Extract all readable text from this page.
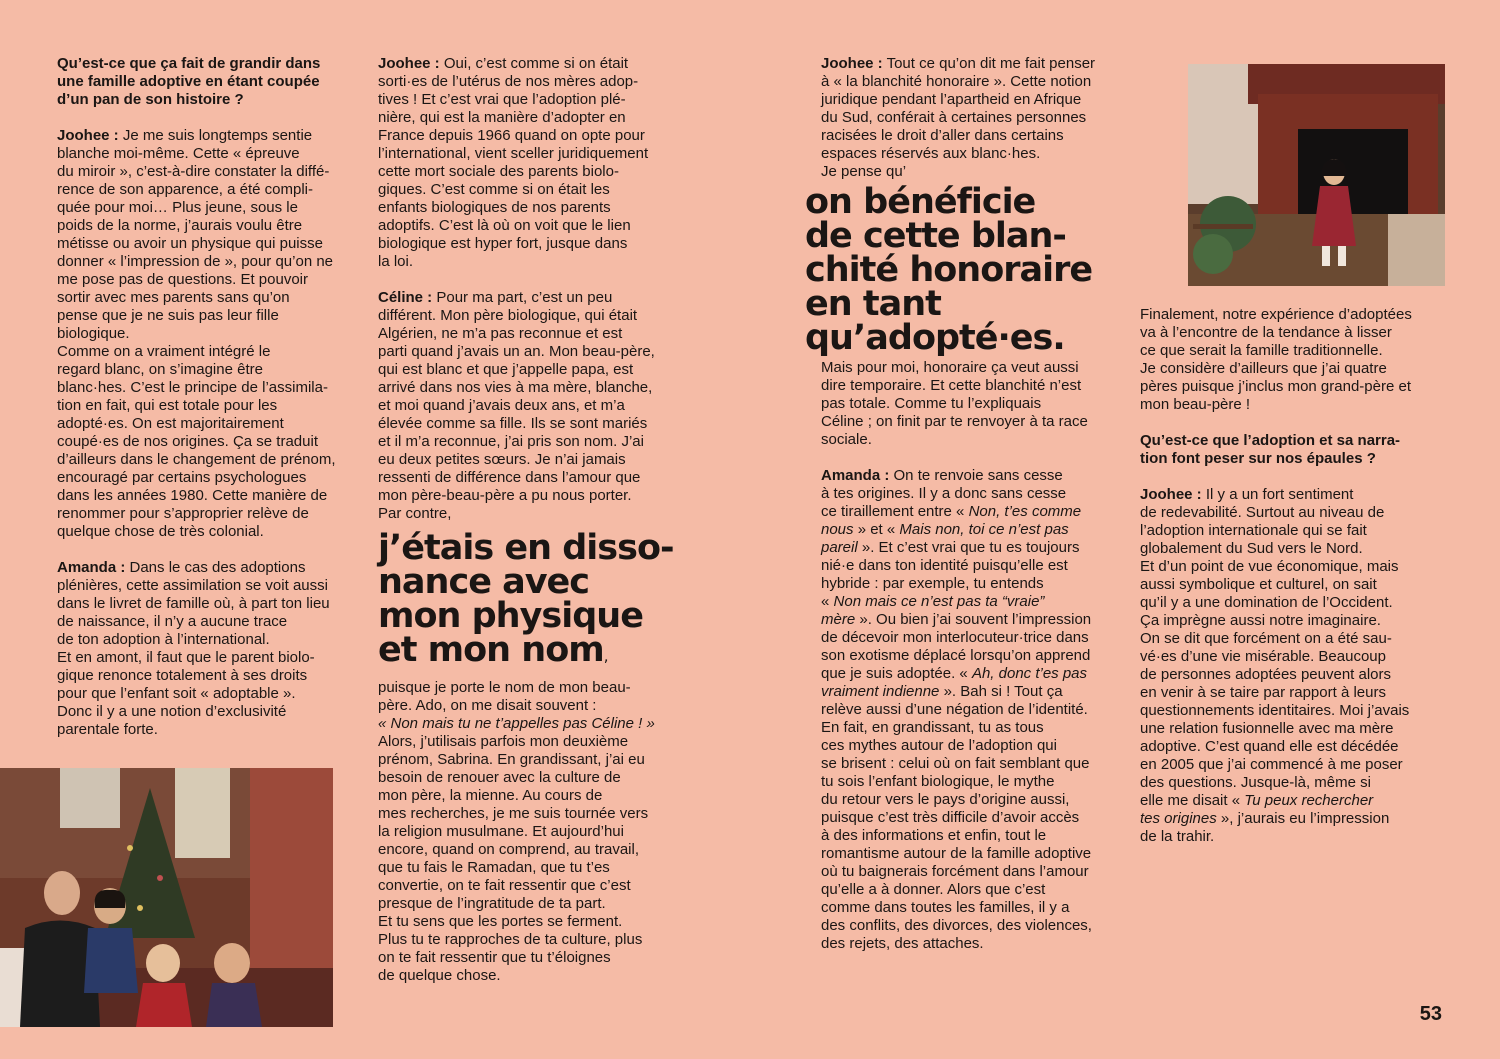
Qu’est-ce que ça fait de grandir dans
une famille adoptive en étant coupée
d’un pan de son histoire ?

Joohee : Je me suis longtemps sentie
blanche moi-même. Cette « épreuve
du miroir », c’est-à-dire constater la diffé-
rence de son apparence, a été compli-
quée pour moi… Plus jeune, sous le
poids de la norme, j’aurais voulu être
métisse ou avoir un physique qui puisse
donner « l’impression de », pour qu’on ne
me pose pas de questions. Et pouvoir
sortir avec mes parents sans qu’on
pense que je ne suis pas leur fille
biologique.
Comme on a vraiment intégré le
regard blanc, on s’imagine être
blanc·hes. C’est le principe de l’assimila-
tion en fait, qui est totale pour les
adopté·es. On est majoritairement
coupé·es de nos origines. Ça se traduit
d’ailleurs dans le changement de prénom,
encouragé par certains psychologues
dans les années 1980. Cette manière de
renommer pour s’approprier relève de
quelque chose de très colonial.

Amanda : Dans le cas des adoptions
plénières, cette assimilation se voit aussi
dans le livret de famille où, à part ton lieu
de naissance, il n’y a aucune trace
de ton adoption à l’international.
Et en amont, il faut que le parent biolo-
gique renonce totalement à ses droits
pour que l’enfant soit « adoptable ».
Donc il y a une notion d’exclusivité
parentale forte.

Joohee : Oui, c’est comme si on était
sorti·es de l’utérus de nos mères adop-
tives ! Et c’est vrai que l’adoption plé-
nière, qui est la manière d’adopter en
France depuis 1966 quand on opte pour
l’international, vient sceller juridiquement
cette mort sociale des parents biolo-
giques. C’est comme si on était les
enfants biologiques de nos parents
adoptifs. C’est là où on voit que le lien
biologique est hyper fort, jusque dans
la loi.

Céline : Pour ma part, c’est un peu
différent. Mon père biologique, qui était
Algérien, ne m’a pas reconnue et est
parti quand j’avais un an. Mon beau-père,
qui est blanc et que j’appelle papa, est
arrivé dans nos vies à ma mère, blanche,
et moi quand j’avais deux ans, et m’a
élevée comme sa fille. Ils se sont mariés
et il m’a reconnue, j’ai pris son nom. J’ai
eu deux petites sœurs. Je n’ai jamais
ressenti de différence dans l’amour que
mon père-beau-père a pu nous porter.
Par contre,

j’étais en disso-
nance avec
mon physique
et mon nom,

puisque je porte le nom de mon beau-
père. Ado, on me disait souvent :

« Non mais tu ne t’appelles pas Céline ! »

Alors, j’utilisais parfois mon deuxième
prénom, Sabrina. En grandissant, j’ai eu
besoin de renouer avec la culture de
mon père, la mienne. Au cours de
mes recherches, je me suis tournée vers
la religion musulmane. Et aujourd’hui
encore, quand on comprend, au travail,
que tu fais le Ramadan, que tu t’es
convertie, on te fait ressentir que c’est
presque de l’ingratitude de ta part.
Et tu sens que les portes se ferment.
Plus tu te rapproches de ta culture, plus
on te fait ressentir que tu t’éloignes
de quelque chose.

Joohee : Tout ce qu’on dit me fait penser
à « la blanchité honoraire ». Cette notion
juridique pendant l’apartheid en Afrique
du Sud, conférait à certaines personnes
racisées le droit d’aller dans certains
espaces réservés aux blanc·hes.
Je pense qu’

on bénéficie
de cette blan-
chité honoraire
en tant
qu’adopté·es.

Mais pour moi, honoraire ça veut aussi
dire temporaire. Et cette blanchité n’est
pas totale. Comme tu l’expliquais
Céline ; on finit par te renvoyer à ta race
sociale.

Amanda : On te renvoie sans cesse
à tes origines. Il y a donc sans cesse
ce tiraillement entre « Non, t’es comme
nous » et « Mais non, toi ce n’est pas
pareil ». Et c’est vrai que tu es toujours
nié·e dans ton identité puisqu’elle est
hybride : par exemple, tu entends
« Non mais ce n’est pas ta “vraie”
mère ». Ou bien j’ai souvent l’impression
de décevoir mon interlocuteur·trice dans
son exotisme déplacé lorsqu’on apprend
que je suis adoptée. « Ah, donc t’es pas
vraiment indienne ». Bah si ! Tout ça
relève aussi d’une négation de l’identité.
En fait, en grandissant, tu as tous
ces mythes autour de l’adoption qui
se brisent : celui où on fait semblant que
tu sois l’enfant biologique, le mythe
du retour vers le pays d’origine aussi,
puisque c’est très difficile d’avoir accès
à des informations et enfin, tout le
romantisme autour de la famille adoptive
où tu baignerais forcément dans l’amour
qu’elle a à donner. Alors que c’est
comme dans toutes les familles, il y a
des conflits, des divorces, des violences,
des rejets, des attaches.

Finalement, notre expérience d’adoptées
va à l’encontre de la tendance à lisser
ce que serait la famille traditionnelle.
Je considère d’ailleurs que j’ai quatre
pères puisque j’inclus mon grand-père et
mon beau-père !

Qu’est-ce que l’adoption et sa narra-
tion font peser sur nos épaules ?

Joohee : Il y a un fort sentiment
de redevabilité. Surtout au niveau de
l’adoption internationale qui se fait
globalement du Sud vers le Nord.
Et d’un point de vue économique, mais
aussi symbolique et culturel, on sait
qu’il y a une domination de l’Occident.
Ça imprègne aussi notre imaginaire.
On se dit que forcément on a été sau-
vé·es d’une vie misérable. Beaucoup
de personnes adoptées peuvent alors
en venir à se taire par rapport à leurs
questionnements identitaires. Moi j’avais
une relation fusionnelle avec ma mère
adoptive. C’est quand elle est décédée
en 2005 que j’ai commencé à me poser
des questions. Jusque-là, même si
elle me disait « Tu peux rechercher
tes origines », j’aurais eu l’impression
de la trahir.

53
